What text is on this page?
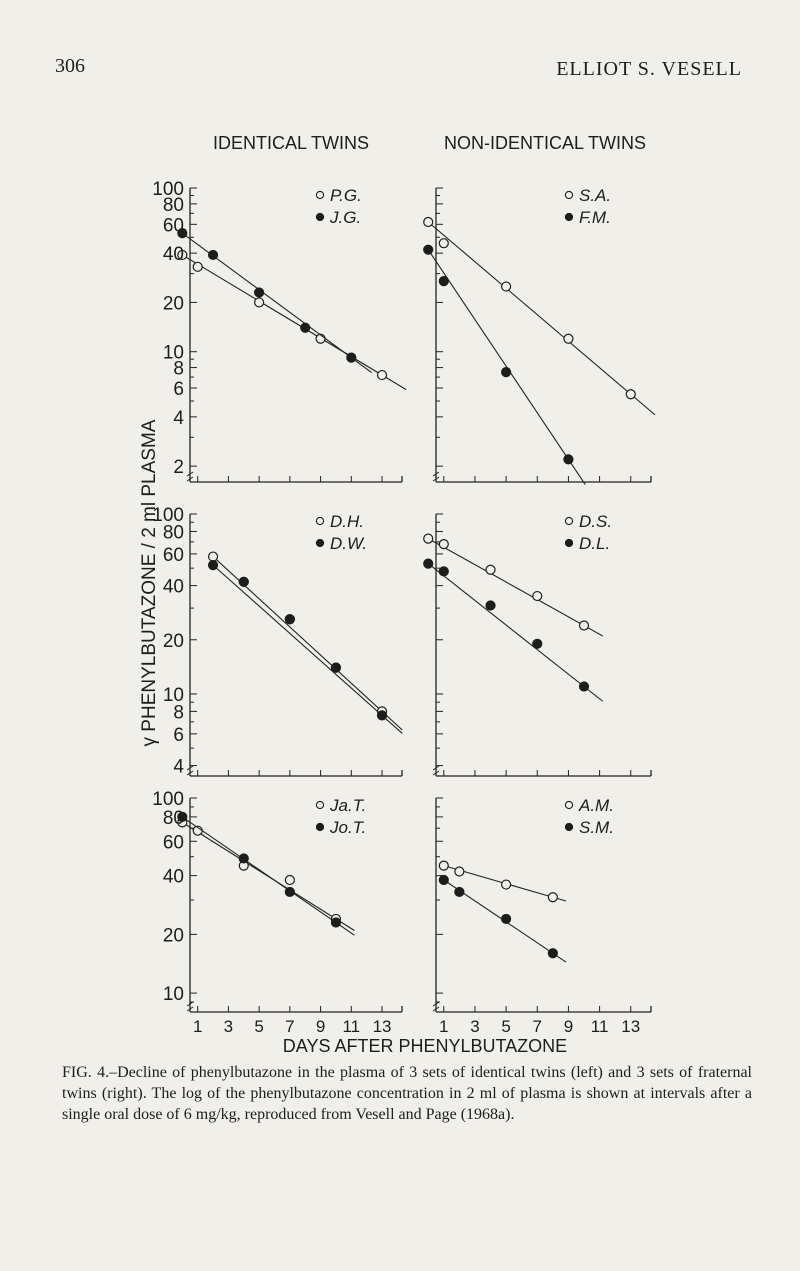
306	ELLIOT S. VESELL
IDENTICAL TWINS	NON-IDENTICAL TWINS
γ PHENYLBUTAZONE / 2 ml PLASMA
DAYS AFTER PHENYLBUTAZONE
100
80
60
40
20
10
8
6
4
2
P.G.
J.G.
S.A.
F.M.
100
80
60
40
20
10
8
6
4
D.H.
D.W.
D.S.
D.L.
100
80
60
40
20
10
1 3 5 7 9 11 13
Ja.T.
Jo.T.
1 3 5 7 9 11 13
A.M.
S.M.
FIG. 4.–Decline of phenylbutazone in the plasma of 3 sets of identical twins (left) and 3 sets of fraternal twins (right). The log of the phenylbutazone concentration in 2 ml of plasma is shown at intervals after a single oral dose of 6 mg/kg, reproduced from Vesell and Page (1968a).
